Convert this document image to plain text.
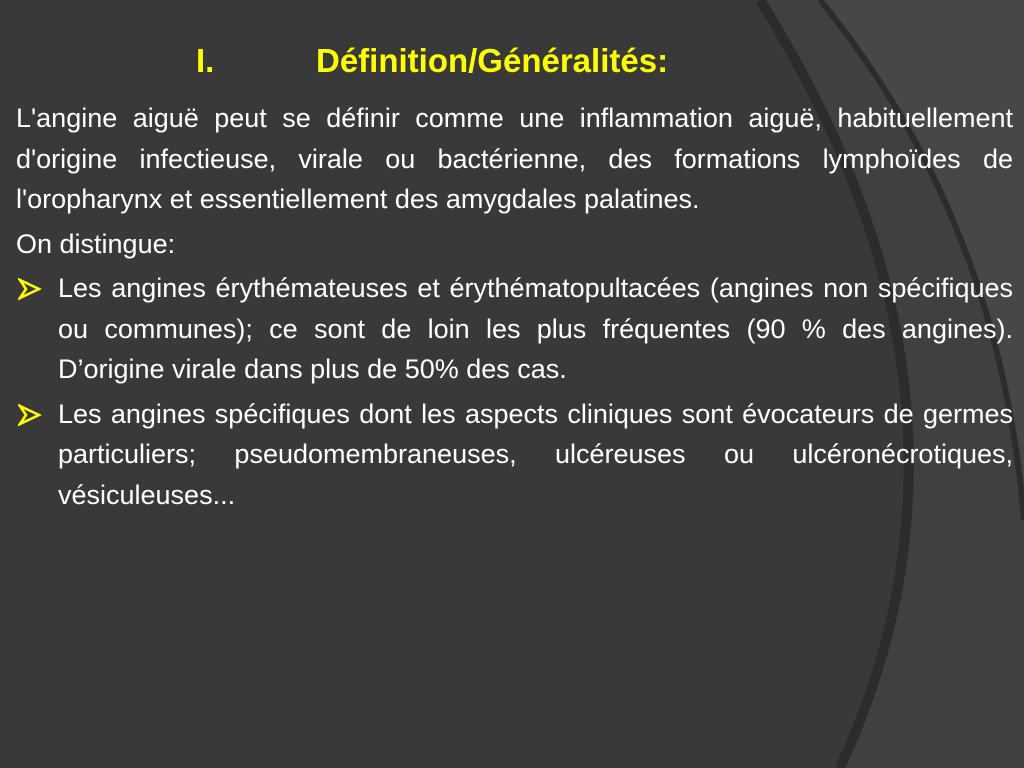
I.	Définition/Généralités:

L'angine aiguë peut se définir comme une inflammation aiguë, habituellement d'origine infectieuse, virale ou bactérienne, des formations lymphoïdes de l'oropharynx et essentiellement des amygdales palatines.

On distingue:

Les angines érythémateuses et érythématopultacées (angines non spécifiques ou communes); ce sont de loin les plus fréquentes (90 % des angines). D’origine virale dans plus de 50% des cas.
Les angines spécifiques dont les aspects cliniques sont évocateurs de germes particuliers; pseudomembraneuses, ulcéreuses ou ulcéronécrotiques, vésiculeuses...
